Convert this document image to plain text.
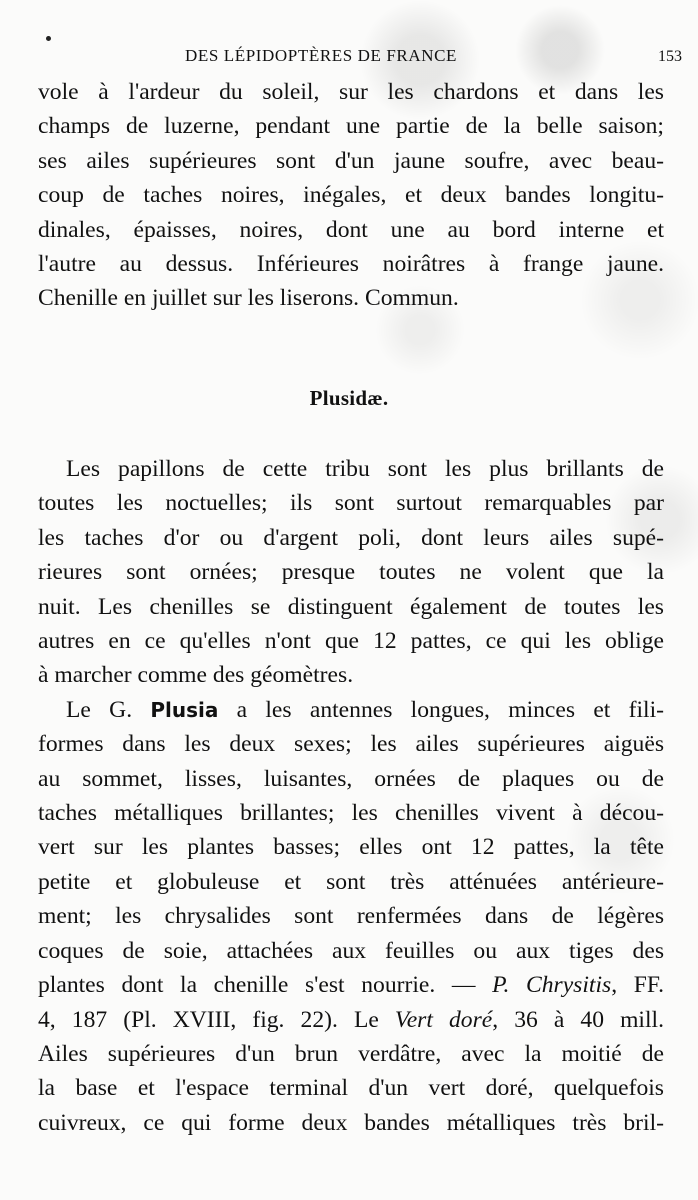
DES LÉPIDOPTÈRES DE FRANCE	153
vole à l'ardeur du soleil, sur les chardons et dans les
champs de luzerne, pendant une partie de la belle saison;
ses ailes supérieures sont d'un jaune soufre, avec beau-
coup de taches noires, inégales, et deux bandes longitu-
dinales, épaisses, noires, dont une au bord interne et
l'autre au dessus. Inférieures noirâtres à frange jaune.
Chenille en juillet sur les liserons. Commun.
Plusidæ.
Les papillons de cette tribu sont les plus brillants de
toutes les noctuelles; ils sont surtout remarquables par
les taches d'or ou d'argent poli, dont leurs ailes supé-
rieures sont ornées; presque toutes ne volent que la
nuit. Les chenilles se distinguent également de toutes les
autres en ce qu'elles n'ont que 12 pattes, ce qui les oblige
à marcher comme des géomètres.
Le G. Plusia a les antennes longues, minces et fili-
formes dans les deux sexes; les ailes supérieures aiguës
au sommet, lisses, luisantes, ornées de plaques ou de
taches métalliques brillantes; les chenilles vivent à décou-
vert sur les plantes basses; elles ont 12 pattes, la tête
petite et globuleuse et sont très atténuées antérieure-
ment; les chrysalides sont renfermées dans de légères
coques de soie, attachées aux feuilles ou aux tiges des
plantes dont la chenille s'est nourrie. — P. Chrysitis, FF.
4, 187 (Pl. XVIII, fig. 22). Le Vert doré, 36 à 40 mill.
Ailes supérieures d'un brun verdâtre, avec la moitié de
la base et l'espace terminal d'un vert doré, quelquefois
cuivreux, ce qui forme deux bandes métalliques très bril-
